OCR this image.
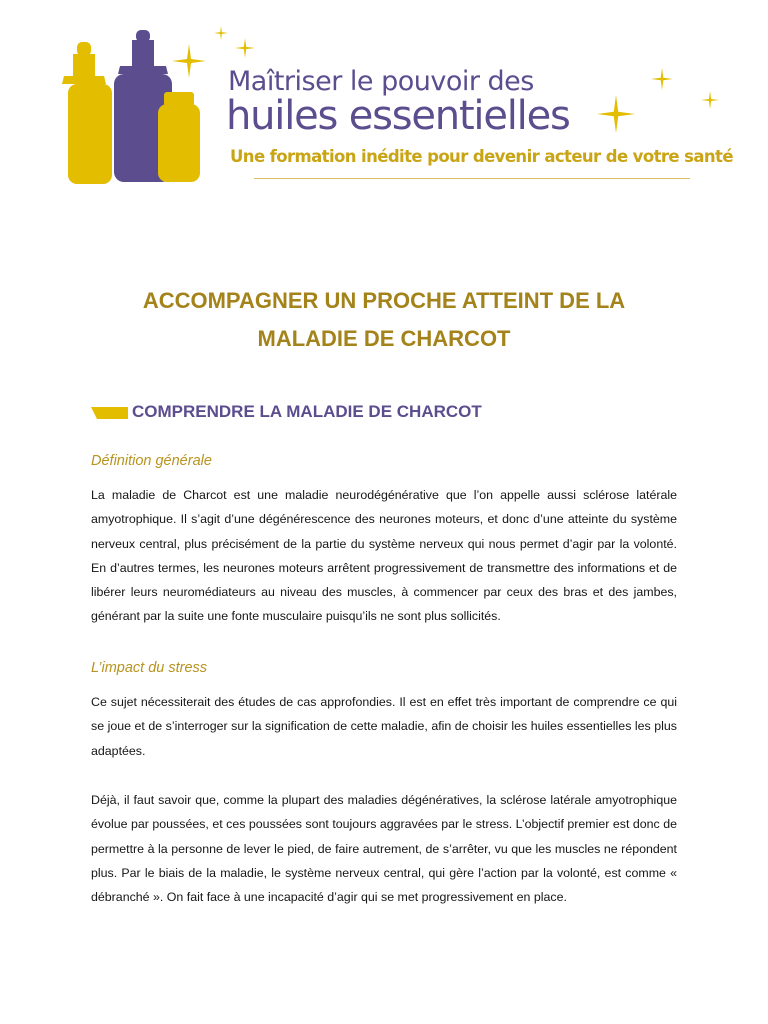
Maîtriser le pouvoir des
huiles essentielles
Une formation inédite pour devenir acteur de votre santé
ACCOMPAGNER UN PROCHE ATTEINT DE LA
MALADIE DE CHARCOT
COMPRENDRE LA MALADIE DE CHARCOT
Définition générale

La maladie de Charcot est une maladie neurodégénérative que l’on appelle aussi sclérose latérale amyotrophique. Il s’agit d’une dégénérescence des neurones moteurs, et donc d’une atteinte du système nerveux central, plus précisément de la partie du système nerveux qui nous permet d’agir par la volonté. En d’autres termes, les neurones moteurs arrêtent progressivement de transmettre des informations et de libérer leurs neuromédiateurs au niveau des muscles, à commencer par ceux des bras et des jambes, générant par la suite une fonte musculaire puisqu’ils ne sont plus sollicités.

L’impact du stress

Ce sujet nécessiterait des études de cas approfondies. Il est en effet très important de comprendre ce qui se joue et de s’interroger sur la signification de cette maladie, afin de choisir les huiles essentielles les plus adaptées.

Déjà, il faut savoir que, comme la plupart des maladies dégénératives, la sclérose latérale amyotrophique évolue par poussées, et ces poussées sont toujours aggravées par le stress. L’objectif premier est donc de permettre à la personne de lever le pied, de faire autrement, de s’arrêter, vu que les muscles ne répondent plus. Par le biais de la maladie, le système nerveux central, qui gère l’action par la volonté, est comme « débranché ». On fait face à une incapacité d’agir qui se met progressivement en place.
